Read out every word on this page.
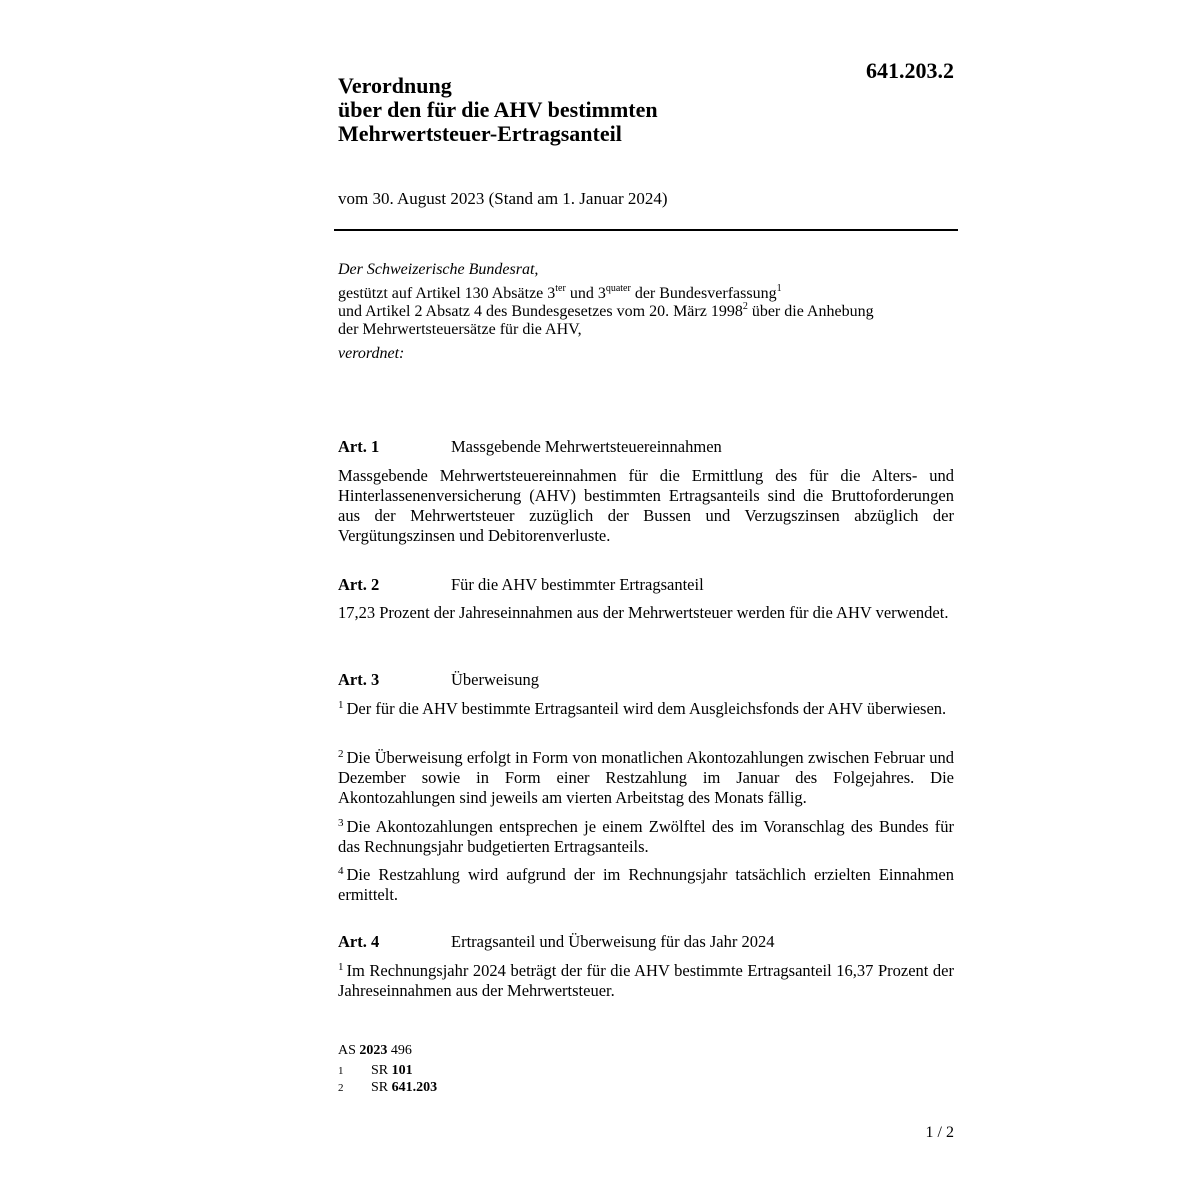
641.203.2
Verordnung
über den für die AHV bestimmten
Mehrwertsteuer-Ertragsanteil
vom 30. August 2023 (Stand am 1. Januar 2024)

Der Schweizerische Bundesrat,

gestützt auf Artikel 130 Absätze $3^{ter}$ und $3^{quater}$ der Bundesverfassung$^1$
und Artikel 2 Absatz 4 des Bundesgesetzes vom 20. März 1998$^2$ über die Anhebung
der Mehrwertsteuersätze für die AHV,

verordnet:

Art. 1	Massgebende Mehrwertsteuereinnahmen
Massgebende Mehrwertsteuereinnahmen für die Ermittlung des für die Alters- und Hinterlassenenversicherung (AHV) bestimmten Ertragsanteils sind die Bruttoforderungen aus der Mehrwertsteuer zuzüglich der Bussen und Verzugszinsen abzüglich der Vergütungszinsen und Debitorenverluste.
Art. 2	Für die AHV bestimmter Ertragsanteil
17,23 Prozent der Jahreseinnahmen aus der Mehrwertsteuer werden für die AHV verwendet.
Art. 3	Überweisung
$^1$ Der für die AHV bestimmte Ertragsanteil wird dem Ausgleichsfonds der AHV überwiesen.
$^2$ Die Überweisung erfolgt in Form von monatlichen Akontozahlungen zwischen Februar und Dezember sowie in Form einer Restzahlung im Januar des Folgejahres. Die Akontozahlungen sind jeweils am vierten Arbeitstag des Monats fällig.
$^3$ Die Akontozahlungen entsprechen je einem Zwölftel des im Voranschlag des Bundes für das Rechnungsjahr budgetierten Ertragsanteils.
$^4$ Die Restzahlung wird aufgrund der im Rechnungsjahr tatsächlich erzielten Einnahmen ermittelt.
Art. 4	Ertragsanteil und Überweisung für das Jahr 2024
$^1$ Im Rechnungsjahr 2024 beträgt der für die AHV bestimmte Ertragsanteil 16,37 Prozent der Jahreseinnahmen aus der Mehrwertsteuer.
AS 2023 496
1 SR 101
2 SR 641.203
1 / 2
